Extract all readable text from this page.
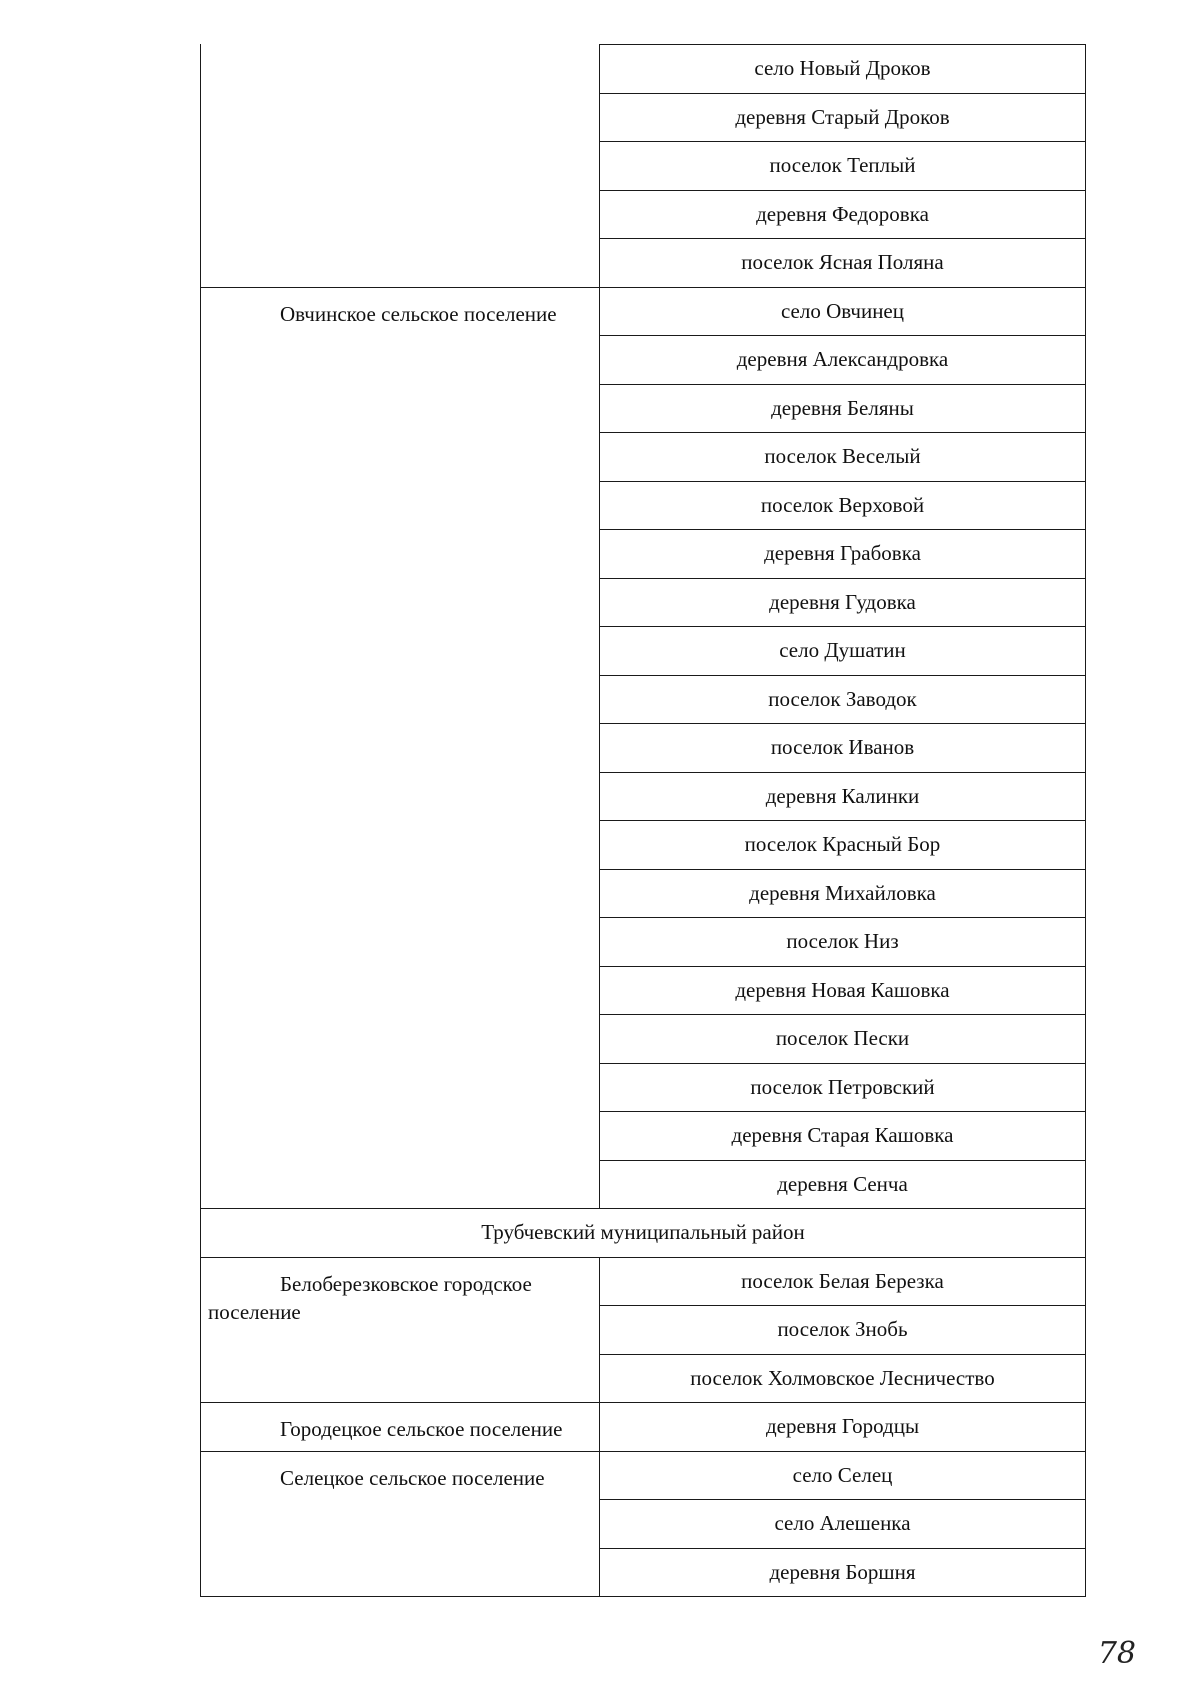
	село Новый Дроков
	деревня Старый Дроков
	поселок Теплый
	деревня Федоровка
	поселок Ясная Поляна
Овчинское сельское поселение	село Овчинец
	деревня Александровка
	деревня Беляны
	поселок Веселый
	поселок Верховой
	деревня Грабовка
	деревня Гудовка
	село Душатин
	поселок Заводок
	поселок Иванов
	деревня Калинки
	поселок Красный Бор
	деревня Михайловка
	поселок Низ
	деревня Новая Кашовка
	поселок Пески
	поселок Петровский
	деревня Старая Кашовка
	деревня Сенча
Трубчевский муниципальный район	
Белоберезковское городское поселение	поселок Белая Березка
	поселок Знобь
	поселок Холмовское Лесничество
Городецкое сельское поселение	деревня Городцы
Селецкое сельское поселение	село Селец
	село Алешенка
	деревня Боршня
78
